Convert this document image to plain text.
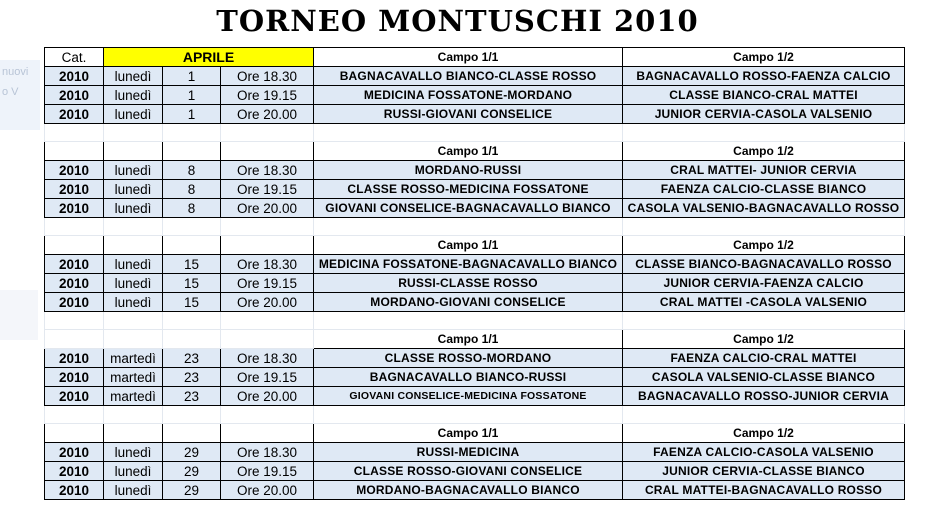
nuovi
o V
TORNEO MONTUSCHI 2010
Cat.	APRILE			Campo 1/1	Campo 1/2
2010	lunedì	1	Ore 18.30	BAGNACAVALLO BIANCO-CLASSE ROSSO	BAGNACAVALLO ROSSO-FAENZA CALCIO
2010	lunedì	1	Ore 19.15	MEDICINA FOSSATONE-MORDANO	CLASSE BIANCO-CRAL MATTEI
2010	lunedì	1	Ore 20.00	RUSSI-GIOVANI CONSELICE	JUNIOR CERVIA-CASOLA VALSENIO

				Campo 1/1	Campo 1/2
2010	lunedì	8	Ore 18.30	MORDANO-RUSSI	CRAL MATTEI- JUNIOR CERVIA
2010	lunedì	8	Ore 19.15	CLASSE ROSSO-MEDICINA FOSSATONE	FAENZA CALCIO-CLASSE BIANCO
2010	lunedì	8	Ore 20.00	GIOVANI CONSELICE-BAGNACAVALLO BIANCO	CASOLA VALSENIO-BAGNACAVALLO ROSSO

				Campo 1/1	Campo 1/2
2010	lunedì	15	Ore 18.30	MEDICINA FOSSATONE-BAGNACAVALLO BIANCO	CLASSE BIANCO-BAGNACAVALLO ROSSO
2010	lunedì	15	Ore 19.15	RUSSI-CLASSE ROSSO	JUNIOR CERVIA-FAENZA CALCIO
2010	lunedì	15	Ore 20.00	MORDANO-GIOVANI CONSELICE	CRAL MATTEI -CASOLA VALSENIO

				Campo 1/1	Campo 1/2
2010	martedì	23	Ore 18.30	CLASSE ROSSO-MORDANO	FAENZA CALCIO-CRAL MATTEI
2010	martedì	23	Ore 19.15	BAGNACAVALLO BIANCO-RUSSI	CASOLA VALSENIO-CLASSE BIANCO
2010	martedì	23	Ore 20.00	GIOVANI CONSELICE-MEDICINA FOSSATONE	BAGNACAVALLO ROSSO-JUNIOR CERVIA

				Campo 1/1	Campo 1/2
2010	lunedì	29	Ore 18.30	RUSSI-MEDICINA	FAENZA CALCIO-CASOLA VALSENIO
2010	lunedì	29	Ore 19.15	CLASSE ROSSO-GIOVANI CONSELICE	JUNIOR CERVIA-CLASSE BIANCO
2010	lunedì	29	Ore 20.00	MORDANO-BAGNACAVALLO BIANCO	CRAL MATTEI-BAGNACAVALLO ROSSO
